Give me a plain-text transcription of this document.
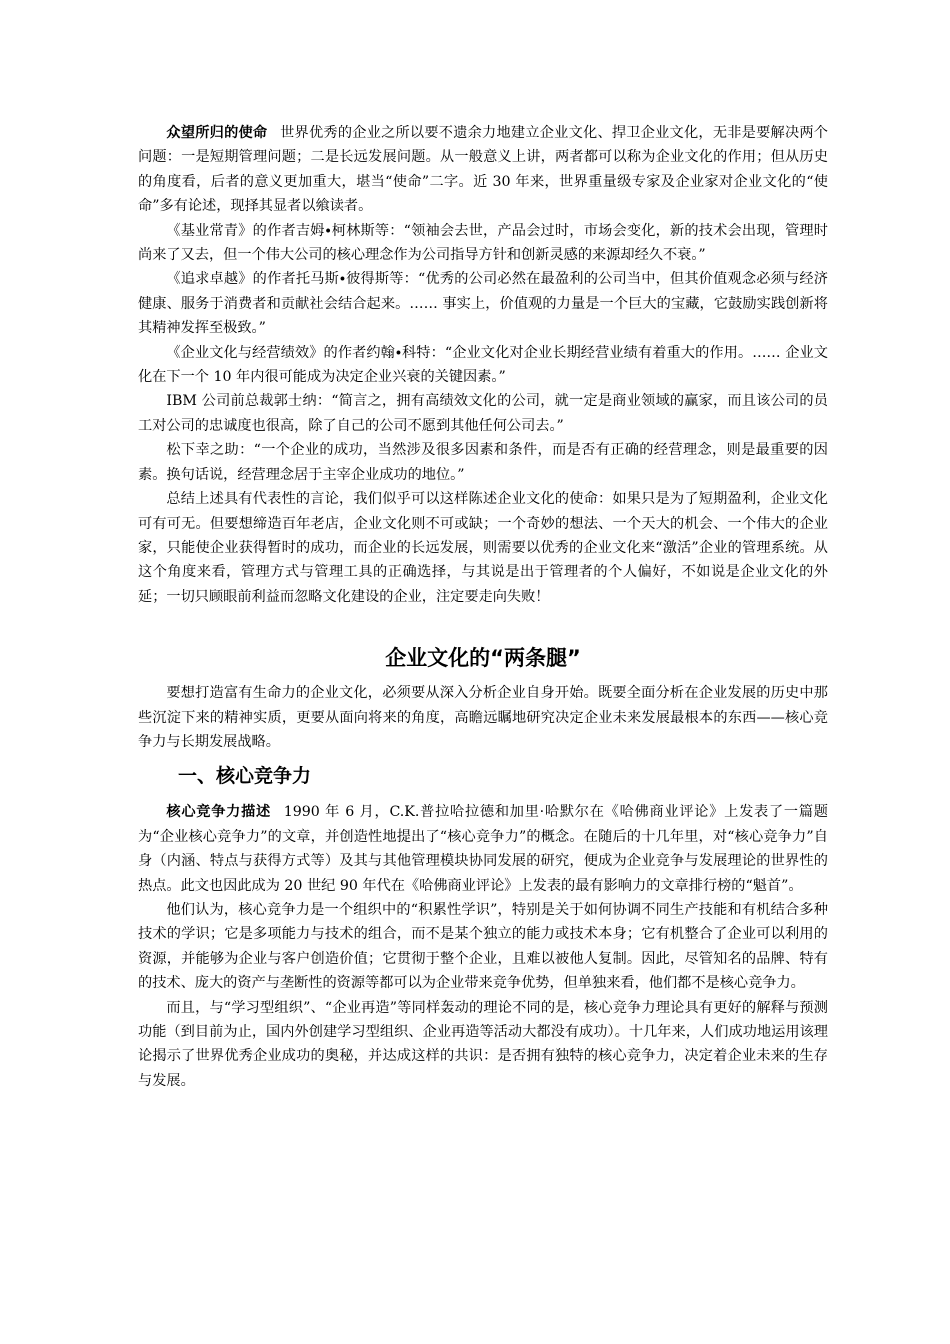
众望所归的使命 世界优秀的企业之所以要不遗余力地建立企业文化、捍卫企业文化，无非是要解决两个问题：一是短期管理问题；二是长远发展问题。从一般意义上讲，两者都可以称为企业文化的作用；但从历史的角度看，后者的意义更加重大，堪当“使命”二字。近 30 年来，世界重量级专家及企业家对企业文化的“使命”多有论述，现择其显者以飨读者。

《基业常青》的作者吉姆∙柯林斯等：“领袖会去世，产品会过时，市场会变化，新的技术会出现，管理时尚来了又去，但一个伟大公司的核心理念作为公司指导方针和创新灵感的来源却经久不衰。”

《追求卓越》的作者托马斯∙彼得斯等：“优秀的公司必然在最盈利的公司当中，但其价值观念必须与经济健康、服务于消费者和贡献社会结合起来。…… 事实上，价值观的力量是一个巨大的宝藏，它鼓励实践创新将其精神发挥至极致。”

《企业文化与经营绩效》的作者约翰∙科特：“企业文化对企业长期经营业绩有着重大的作用。…… 企业文化在下一个 10 年内很可能成为决定企业兴衰的关键因素。”

IBM 公司前总裁郭士纳：“简言之，拥有高绩效文化的公司，就一定是商业领域的赢家，而且该公司的员工对公司的忠诚度也很高，除了自己的公司不愿到其他任何公司去。”

松下幸之助：“一个企业的成功，当然涉及很多因素和条件，而是否有正确的经营理念，则是最重要的因素。换句话说，经营理念居于主宰企业成功的地位。”

总结上述具有代表性的言论，我们似乎可以这样陈述企业文化的使命：如果只是为了短期盈利，企业文化可有可无。但要想缔造百年老店，企业文化则不可或缺；一个奇妙的想法、一个天大的机会、一个伟大的企业家，只能使企业获得暂时的成功，而企业的长远发展，则需要以优秀的企业文化来“激活”企业的管理系统。从这个角度来看，管理方式与管理工具的正确选择，与其说是出于管理者的个人偏好，不如说是企业文化的外延；一切只顾眼前利益而忽略文化建设的企业，注定要走向失败！

企业文化的“两条腿”

要想打造富有生命力的企业文化，必须要从深入分析企业自身开始。既要全面分析在企业发展的历史中那些沉淀下来的精神实质，更要从面向将来的角度，高瞻远瞩地研究决定企业未来发展最根本的东西——核心竞争力与长期发展战略。

一、核心竞争力

核心竞争力描述 1990 年 6 月，C.K.普拉哈拉德和加里·哈默尔在《哈佛商业评论》上发表了一篇题为“企业核心竞争力”的文章，并创造性地提出了“核心竞争力”的概念。在随后的十几年里，对“核心竞争力”自身（内涵、特点与获得方式等）及其与其他管理模块协同发展的研究，便成为企业竞争与发展理论的世界性的热点。此文也因此成为 20 世纪 90 年代在《哈佛商业评论》上发表的最有影响力的文章排行榜的“魁首”。

他们认为，核心竞争力是一个组织中的“积累性学识”，特别是关于如何协调不同生产技能和有机结合多种技术的学识；它是多项能力与技术的组合，而不是某个独立的能力或技术本身；它有机整合了企业可以利用的资源，并能够为企业与客户创造价值；它贯彻于整个企业，且难以被他人复制。因此，尽管知名的品牌、特有的技术、庞大的资产与垄断性的资源等都可以为企业带来竞争优势，但单独来看，他们都不是核心竞争力。

而且，与“学习型组织”、“企业再造”等同样轰动的理论不同的是，核心竞争力理论具有更好的解释与预测功能（到目前为止，国内外创建学习型组织、企业再造等活动大都没有成功）。十几年来，人们成功地运用该理论揭示了世界优秀企业成功的奥秘，并达成这样的共识：是否拥有独特的核心竞争力，决定着企业未来的生存与发展。
